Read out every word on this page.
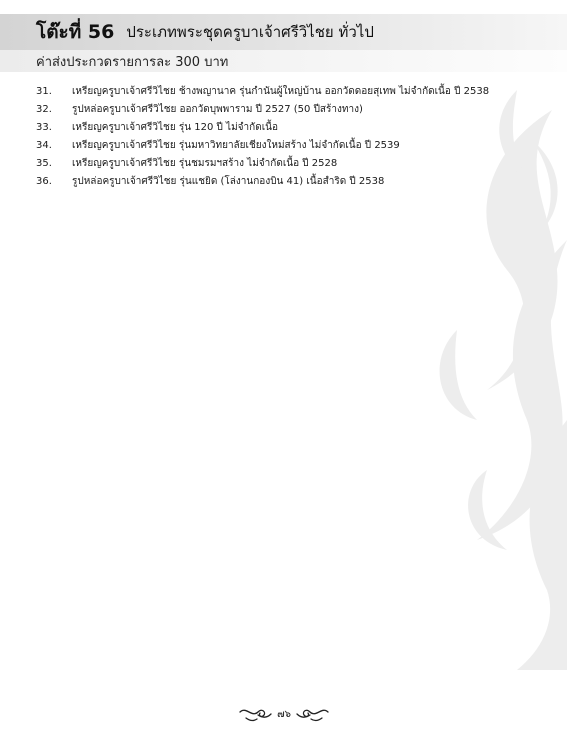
โต๊ะที่ 56 ประเภทพระชุดครูบาเจ้าศรีวิไชย ทั่วไป
ค่าส่งประกวดรายการละ 300 บาท
31.	เหรียญครูบาเจ้าศรีวิไชย ช้างพญานาค รุ่นกำนันผู้ใหญ่บ้าน ออกวัดดอยสุเทพ ไม่จำกัดเนื้อ ปี 2538
32.	รูปหล่อครูบาเจ้าศรีวิไชย ออกวัดบุพพาราม ปี 2527 (50 ปีสร้างทาง)
33.	เหรียญครูบาเจ้าศรีวิไชย รุ่น 120 ปี ไม่จำกัดเนื้อ
34.	เหรียญครูบาเจ้าศรีวิไชย รุ่นมหาวิทยาลัยเชียงใหม่สร้าง ไม่จำกัดเนื้อ ปี 2539
35.	เหรียญครูบาเจ้าศรีวิไชย รุ่นชมรมฯสร้าง ไม่จำกัดเนื้อ ปี 2528
36.	รูปหล่อครูบาเจ้าศรีวิไชย รุ่นแชยิด (โล่งานกองบิน 41) เนื้อสำริด ปี 2538
๗๖
